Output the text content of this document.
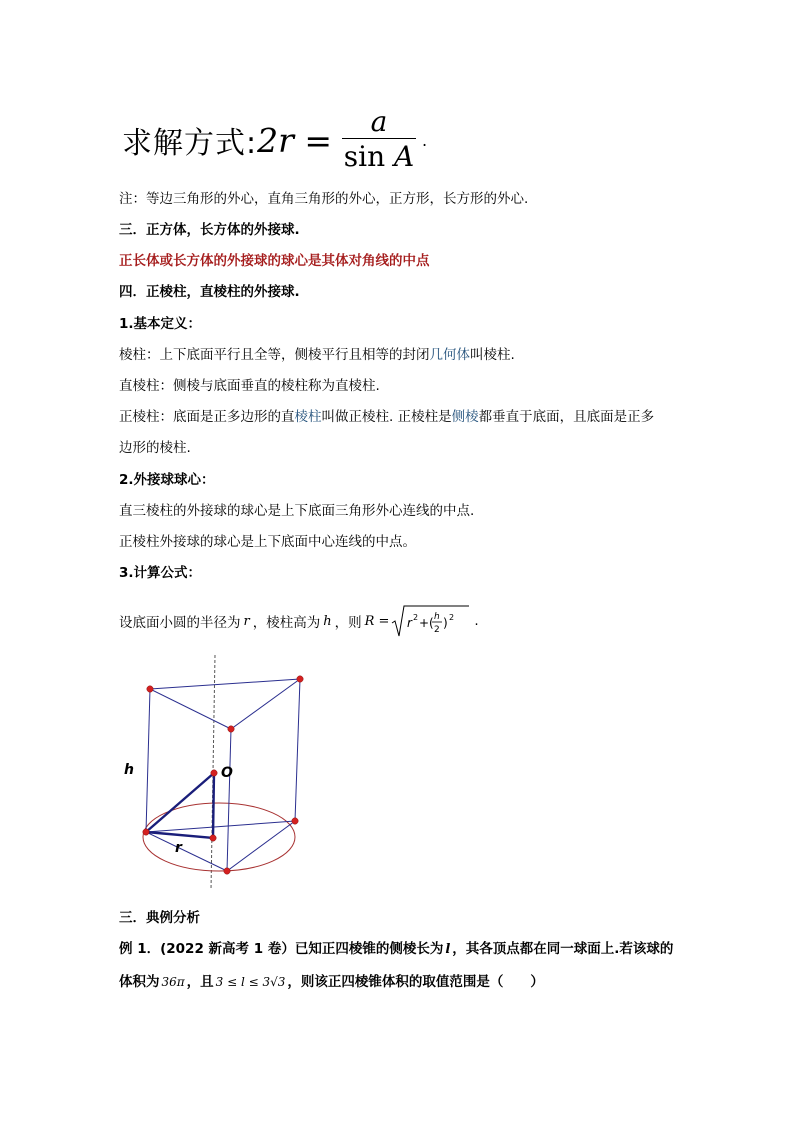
求解方式: $2r = \frac{a}{\text{sin A}}$ .
注：等边三角形的外心，直角三角形的外心，正方形，长方形的外心.
三．正方体，长方体的外接球.
正长体或长方体的外接球的球心是其体对角线的中点
四．正棱柱，直棱柱的外接球.
1.基本定义：
棱柱：上下底面平行且全等，侧棱平行且相等的封闭几何体叫棱柱.
直棱柱：侧棱与底面垂直的棱柱称为直棱柱.
正棱柱：底面是正多边形的直棱柱叫做正棱柱. 正棱柱是侧棱都垂直于底面，且底面是正多
边形的棱柱.
2.外接球球心：
直三棱柱的外接球的球心是上下底面三角形外心连线的中点.
正棱柱外接球的球心是上下底面中心连线的中点。
3.计算公式：
设底面小圆的半径为 r ，棱柱高为 h ，则 R = r 2 +( h
2 ) 2 .
h	O
r
三．典例分析
例 1．(2022 新高考 1 卷）已知正四棱锥的侧棱长为 l ，其各顶点都在同一球面上.若该球的
体积为 36π ，且 3 ≤ l ≤ 3√3 ，则该正四棱锥体积的取值范围是（　　）
